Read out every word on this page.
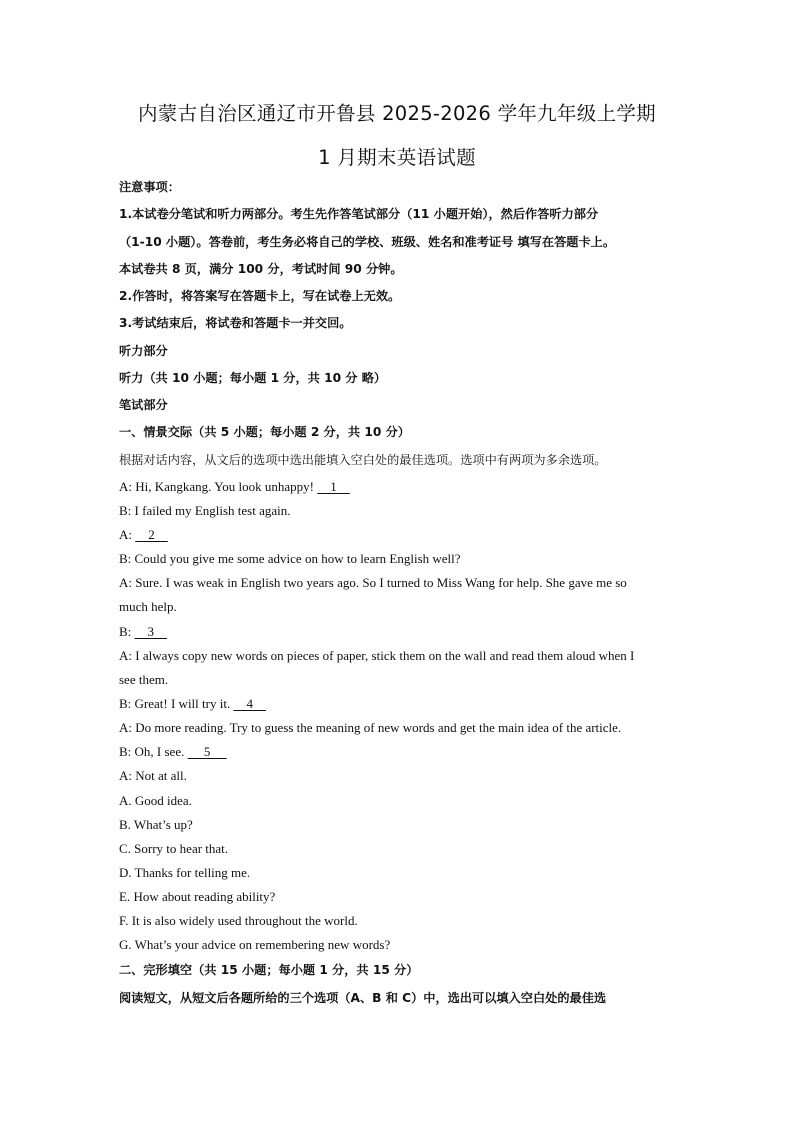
内蒙古自治区通辽市开鲁县 2025-2026 学年九年级上学期
1 月期末英语试题
注意事项：
1.本试卷分笔试和听力两部分。考生先作答笔试部分（11 小题开始），然后作答听力部分
（1-10 小题）。答卷前，考生务必将自己的学校、班级、姓名和准考证号 填写在答题卡上。
本试卷共 8 页，满分 100 分，考试时间 90 分钟。
2.作答时，将答案写在答题卡上，写在试卷上无效。
3.考试结束后，将试卷和答题卡一并交回。
听力部分
听力（共 10 小题；每小题 1 分，共 10 分 略）
笔试部分
一、情景交际（共 5 小题；每小题 2 分，共 10 分）
根据对话内容，从文后的选项中选出能填入空白处的最佳选项。选项中有两项为多余选项。
A: Hi, Kangkang. You look unhappy!     1
B: I failed my English test again.
A:     2
B: Could you give me some advice on how to learn English well?
A: Sure. I was weak in English two years ago. So I turned to Miss Wang for help. She gave me so
much help.
B:     3
A: I always copy new words on pieces of paper, stick them on the wall and read them aloud when I
see them.
B: Great! I will try it.     4
A: Do more reading. Try to guess the meaning of new words and get the main idea of the article.
B: Oh, I see.      5
A: Not at all.
A. Good idea.
B. What’s up?
C. Sorry to hear that.
D. Thanks for telling me.
E. How about reading ability?
F. It is also widely used throughout the world.
G. What’s your advice on remembering new words?
二、完形填空（共 15 小题；每小题 1 分，共 15 分）
阅读短文，从短文后各题所给的三个选项（A、B 和 C）中，选出可以填入空白处的最佳选
